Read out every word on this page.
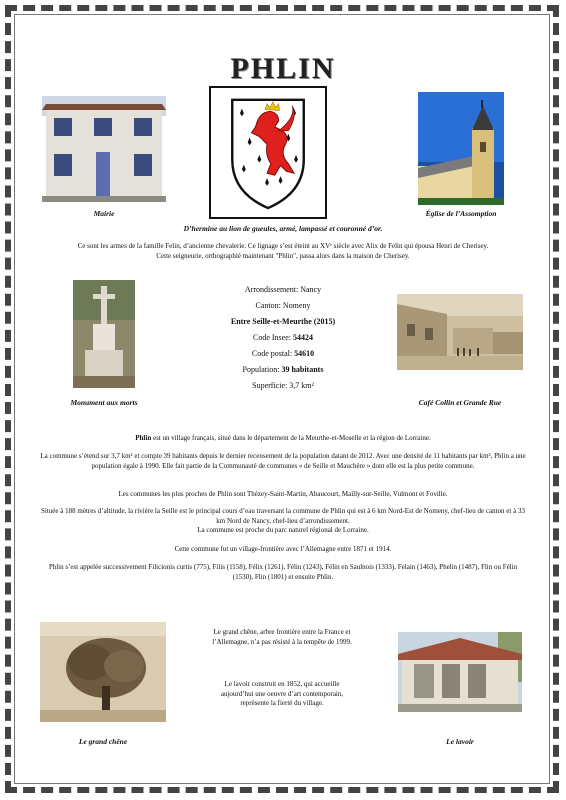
PHLIN
Mairie	Église de l’Assomption
D’hermine au lion de gueules, armé, lampassé et couronné d’or.
Ce sont les armes de la famille Felin, d’ancienne chevalerie. Ce lignage s’est éteint au XVᵉ siècle avec Alix de Felin qui épousa Henri de Cherisey.
Cette seigneurie, orthographié maintenant "Phlin", passa alors dans la maison de Cherisey.
Monument aux morts
Arrondissement: Nancy
Canton: Nomeny
Entre Seille-et-Meurthe (2015)
Code Insee: 54424
Code postal: 54610
Population: 39 habitants
Superficie: 3,7 km²
Café Collin et Grande Rue
Phlin est un village français, situé dans le département de la Meurthe-et-Moselle et la région de Lorraine.
La commune s’étend sur 3,7 km² et compte 39 habitants depuis le dernier recensement de la population datant de 2012. Avec une densité de 11 habitants par km², Phlin a une population égale à 1990. Elle fait partie de la Communauté de communes « de Seille et Mauchère » dont elle est la plus petite commune.
Les communes les plus proches de Phlin sont Thézey-Saint-Martin, Abaucourt, Mailly-sur-Seille, Vulmont et Foville.
Située à 188 mètres d’altitude, la rivière la Seille est le principal cours d’eau traversant la commune de Phlin qui est à 6 km Nord-Est de Nomeny, chef-lieu de canton et à 33 km Nord de Nancy, chef-lieu d’arrondissement.
La commune est proche du parc naturel régional de Lorraine.
Cette commune fut un village-frontière avec l’Allemagne entre 1871 et 1914.
Phlin s’est appelée successivement Filicionis curtis (775), Filis (1158), Félix (1261), Félin (1243), Félin en Saulnois (1333), Felain (1463), Phelin (1487), Flin ou Félin (1530), Flin (1801) et ensuite Phlin.
Le grand chêne
Le grand chêne, arbre frontière entre la France et l’Allemagne, n’a pas résisté à la tempête de 1999.
Le lavoir construit en 1852, qui accueille aujourd’hui une oeuvre d’art contemporain, représente la fierté du village.
Le lavoir
